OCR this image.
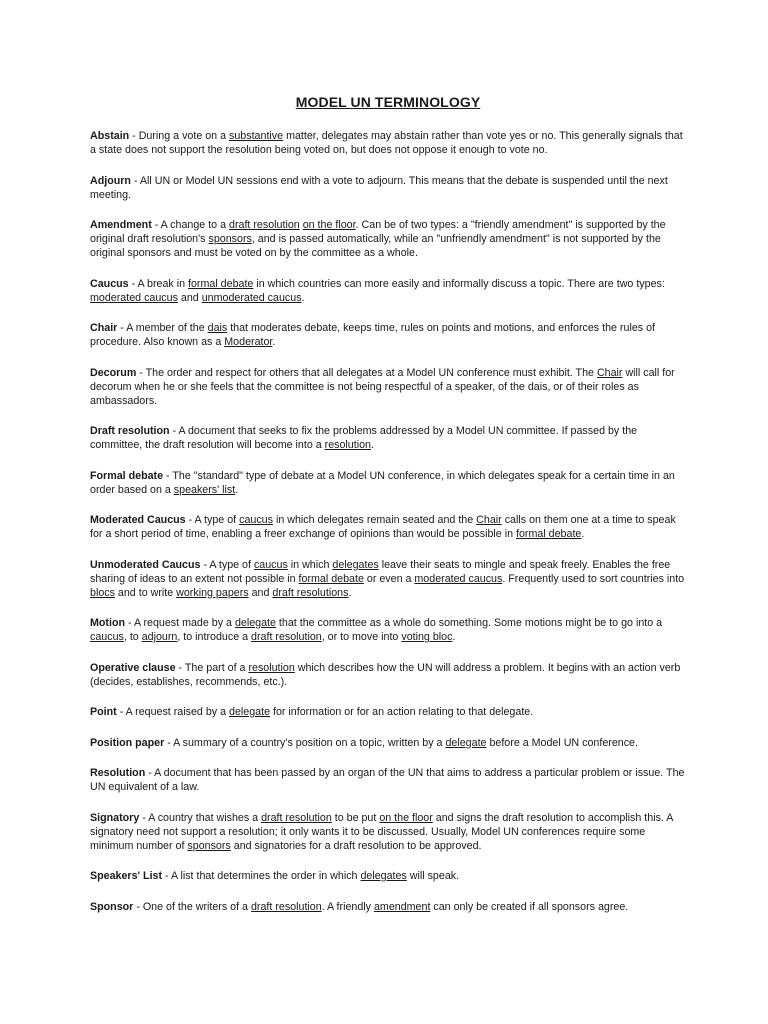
MODEL UN TERMINOLOGY

Abstain - During a vote on a substantive matter, delegates may abstain rather than vote yes or no. This generally signals that a state does not support the resolution being voted on, but does not oppose it enough to vote no.

Adjourn - All UN or Model UN sessions end with a vote to adjourn. This means that the debate is suspended until the next meeting.

Amendment - A change to a draft resolution on the floor. Can be of two types: a "friendly amendment" is supported by the original draft resolution's sponsors, and is passed automatically, while an "unfriendly amendment" is not supported by the original sponsors and must be voted on by the committee as a whole.

Caucus - A break in formal debate in which countries can more easily and informally discuss a topic. There are two types: moderated caucus and unmoderated caucus.

Chair - A member of the dais that moderates debate, keeps time, rules on points and motions, and enforces the rules of procedure. Also known as a Moderator.

Decorum - The order and respect for others that all delegates at a Model UN conference must exhibit. The Chair will call for decorum when he or she feels that the committee is not being respectful of a speaker, of the dais, or of their roles as ambassadors.

Draft resolution - A document that seeks to fix the problems addressed by a Model UN committee. If passed by the committee, the draft resolution will become into a resolution.

Formal debate - The "standard" type of debate at a Model UN conference, in which delegates speak for a certain time in an order based on a speakers' list.

Moderated Caucus - A type of caucus in which delegates remain seated and the Chair calls on them one at a time to speak for a short period of time, enabling a freer exchange of opinions than would be possible in formal debate.

Unmoderated Caucus - A type of caucus in which delegates leave their seats to mingle and speak freely. Enables the free sharing of ideas to an extent not possible in formal debate or even a moderated caucus. Frequently used to sort countries into blocs and to write working papers and draft resolutions.

Motion - A request made by a delegate that the committee as a whole do something. Some motions might be to go into a caucus, to adjourn, to introduce a draft resolution, or to move into voting bloc.

Operative clause - The part of a resolution which describes how the UN will address a problem. It begins with an action verb (decides, establishes, recommends, etc.).

Point - A request raised by a delegate for information or for an action relating to that delegate.

Position paper - A summary of a country's position on a topic, written by a delegate before a Model UN conference.

Resolution - A document that has been passed by an organ of the UN that aims to address a particular problem or issue. The UN equivalent of a law.

Signatory - A country that wishes a draft resolution to be put on the floor and signs the draft resolution to accomplish this. A signatory need not support a resolution; it only wants it to be discussed. Usually, Model UN conferences require some minimum number of sponsors and signatories for a draft resolution to be approved.

Speakers' List - A list that determines the order in which delegates will speak.

Sponsor - One of the writers of a draft resolution. A friendly amendment can only be created if all sponsors agree.
